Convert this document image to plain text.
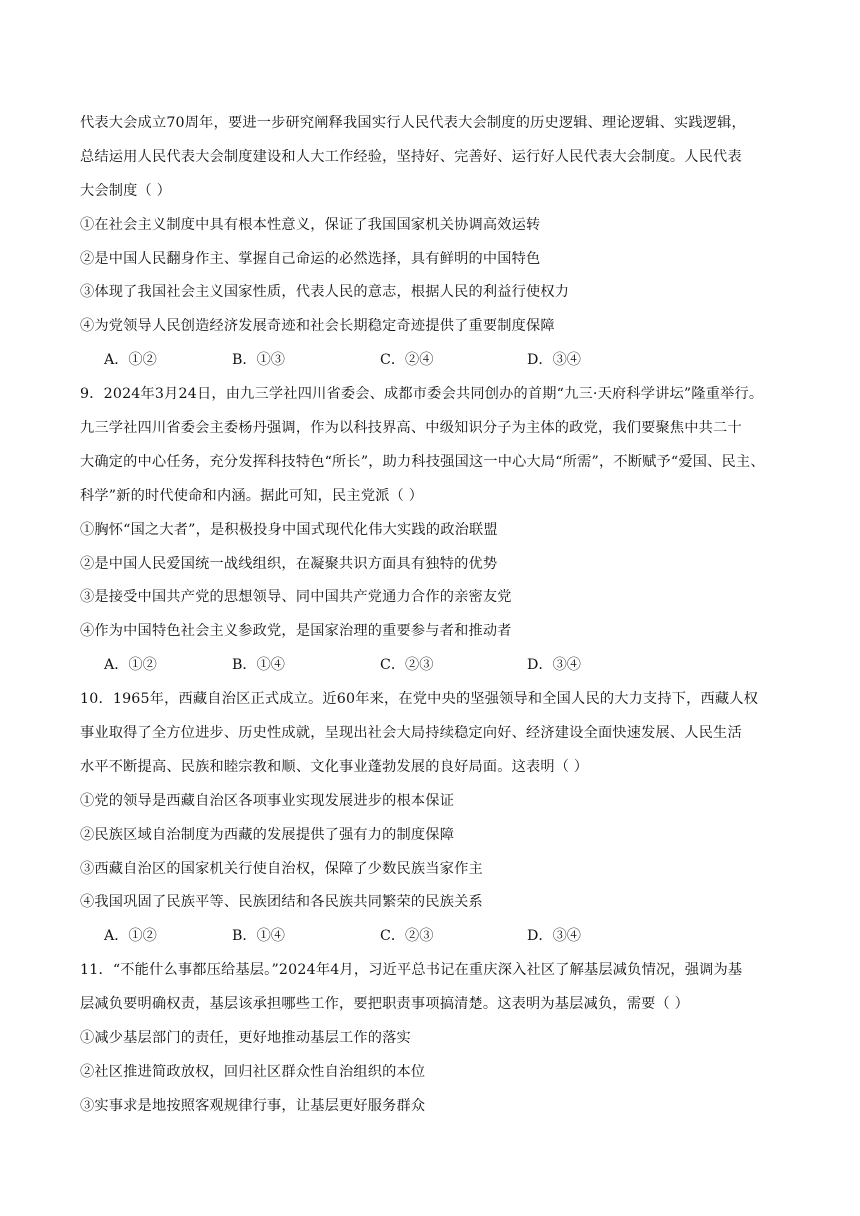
代表大会成立70周年，要进一步研究阐释我国实行人民代表大会制度的历史逻辑、理论逻辑、实践逻辑，
总结运用人民代表大会制度建设和人大工作经验，坚持好、完善好、运行好人民代表大会制度。人民代表
大会制度（ ）
①在社会主义制度中具有根本性意义，保证了我国国家机关协调高效运转
②是中国人民翻身作主、掌握自己命运的必然选择，具有鲜明的中国特色
③体现了我国社会主义国家性质，代表人民的意志，根据人民的利益行使权力
④为党领导人民创造经济发展奇迹和社会长期稳定奇迹提供了重要制度保障
A．①②	B．①③	C．②④	D．③④
9．2024年3月24日，由九三学社四川省委会、成都市委会共同创办的首期“九三·天府科学讲坛”隆重举行。
九三学社四川省委会主委杨丹强调，作为以科技界高、中级知识分子为主体的政党，我们要聚焦中共二十
大确定的中心任务，充分发挥科技特色“所长”，助力科技强国这一中心大局“所需”，不断赋予“爱国、民主、
科学”新的时代使命和内涵。据此可知，民主党派（ ）
①胸怀“国之大者”，是积极投身中国式现代化伟大实践的政治联盟
②是中国人民爱国统一战线组织，在凝聚共识方面具有独特的优势
③是接受中国共产党的思想领导、同中国共产党通力合作的亲密友党
④作为中国特色社会主义参政党，是国家治理的重要参与者和推动者
A．①②	B．①④	C．②③	D．③④
10．1965年，西藏自治区正式成立。近60年来，在党中央的坚强领导和全国人民的大力支持下，西藏人权
事业取得了全方位进步、历史性成就，呈现出社会大局持续稳定向好、经济建设全面快速发展、人民生活
水平不断提高、民族和睦宗教和顺、文化事业蓬勃发展的良好局面。这表明（ ）
①党的领导是西藏自治区各项事业实现发展进步的根本保证
②民族区域自治制度为西藏的发展提供了强有力的制度保障
③西藏自治区的国家机关行使自治权，保障了少数民族当家作主
④我国巩固了民族平等、民族团结和各民族共同繁荣的民族关系
A．①②	B．①④	C．②③	D．③④
11．“不能什么事都压给基层。”2024年4月，习近平总书记在重庆深入社区了解基层减负情况，强调为基
层减负要明确权责，基层该承担哪些工作，要把职责事项搞清楚。这表明为基层减负，需要（ ）
①减少基层部门的责任，更好地推动基层工作的落实
②社区推进简政放权，回归社区群众性自治组织的本位
③实事求是地按照客观规律行事，让基层更好服务群众
